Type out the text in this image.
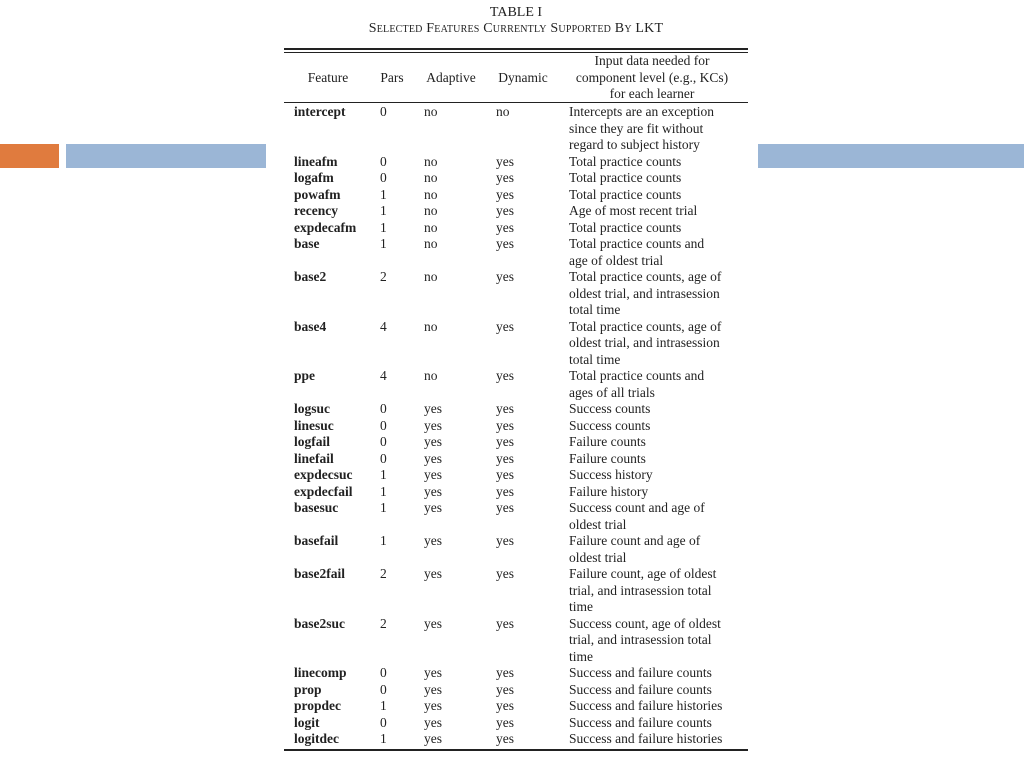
TABLE I
Selected Features Currently Supported By LKT
Feature	Pars	Adaptive	Dynamic
Input data needed for
component level (e.g., KCs)
for each learner
intercept	0	no	no	Intercepts are an exception
since they are fit without
regard to subject history
lineafm	0	no	yes	Total practice counts
logafm	0	no	yes	Total practice counts
powafm	1	no	yes	Total practice counts
recency	1	no	yes	Age of most recent trial
expdecafm 1	no	yes	Total practice counts
base	1	no	yes	Total practice counts and
age of oldest trial
base2	2	no	yes	Total practice counts, age of
oldest trial, and intrasession
total time
base4	4	no	yes	Total practice counts, age of
oldest trial, and intrasession
total time
ppe	4	no	yes	Total practice counts and
ages of all trials
logsuc	0	yes	yes	Success counts
linesuc	0	yes	yes	Success counts
logfail	0	yes	yes	Failure counts
linefail	0	yes	yes	Failure counts
expdecsuc 1	yes	yes	Success history
expdecfail 1	yes	yes	Failure history
basesuc	1	yes	yes	Success count and age of
oldest trial
basefail	1	yes	yes	Failure count and age of
oldest trial
base2fail	2	yes	yes	Failure count, age of oldest
trial, and intrasession total
time
base2suc	2	yes	yes	Success count, age of oldest
trial, and intrasession total
time
linecomp 0	yes	yes	Success and failure counts
prop	0	yes	yes	Success and failure counts
propdec	1	yes	yes	Success and failure histories
logit	0	yes	yes	Success and failure counts
logitdec	1	yes	yes	Success and failure histories
